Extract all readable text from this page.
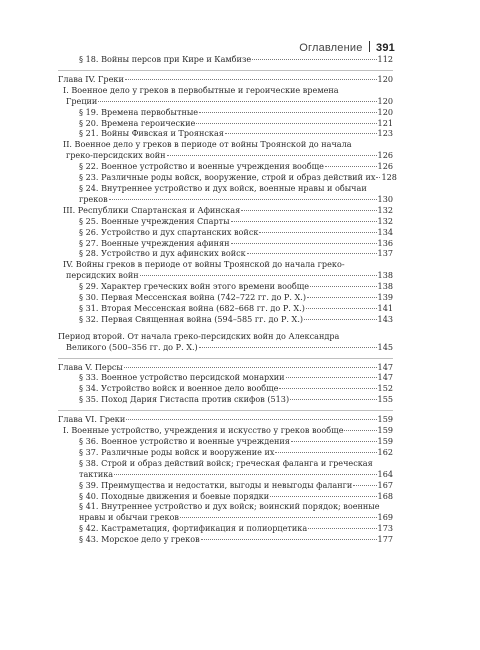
Оглавление 391
§ 18. Войны персов при Кире и Камбизе	112
Глава IV. Греки	120
I. Военное дело у греков в первобытные и героические времена
Греции	120
§ 19. Времена первобытные	120
§ 20. Времена героические	121
§ 21. Войны Фивская и Троянская	123
II. Военное дело у греков в периоде от войны Троянской до начала
греко-персидских войн	126
§ 22. Военное устройство и военные учреждения вообще	126
§ 23. Различные роды войск, вооружение, строй и образ действий их 128
§ 24. Внутреннее устройство и дух войск, военные нравы и обычаи
греков	130
III. Республики Спартанская и Афинская	132
§ 25. Военные учреждения Спарты	132
§ 26. Устройство и дух спартанских войск	134
§ 27. Военные учреждения афинян	136
§ 28. Устройство и дух афинских войск	137
IV. Войны греков в периоде от войны Троянской до начала греко-
персидских войн	138
§ 29. Характер греческих войн этого времени вообще	138
§ 30. Первая Мессенская война (742–722 гг. до Р. Х.)	139
§ 31. Вторая Мессенская война (682–668 гг. до Р. Х.)	141
§ 32. Первая Священная война (594–585 гг. до Р. Х.)	143
Период второй. От начала греко-персидских войн до Александра
Великого (500–356 гг. до Р. Х.)	145
Глава V. Персы	147
§ 33. Военное устройство персидской монархии	147
§ 34. Устройство войск и военное дело вообще	152
§ 35. Поход Дария Гистаспа против скифов (513)	155
Глава VI. Греки	159
I. Военные устройство, учреждения и искусство у греков вообще	159
§ 36. Военное устройство и военные учреждения	159
§ 37. Различные роды войск и вооружение их	162
§ 38. Строй и образ действий войск; греческая фаланга и греческая
тактика	164
§ 39. Преимущества и недостатки, выгоды и невыгоды фаланги	167
§ 40. Походные движения и боевые порядки	168
§ 41. Внутреннее устройство и дух войск; воинский порядок; военные
нравы и обычаи греков	169
§ 42. Кастраметация, фортификация и полиорцетика	173
§ 43. Морское дело у греков	177
